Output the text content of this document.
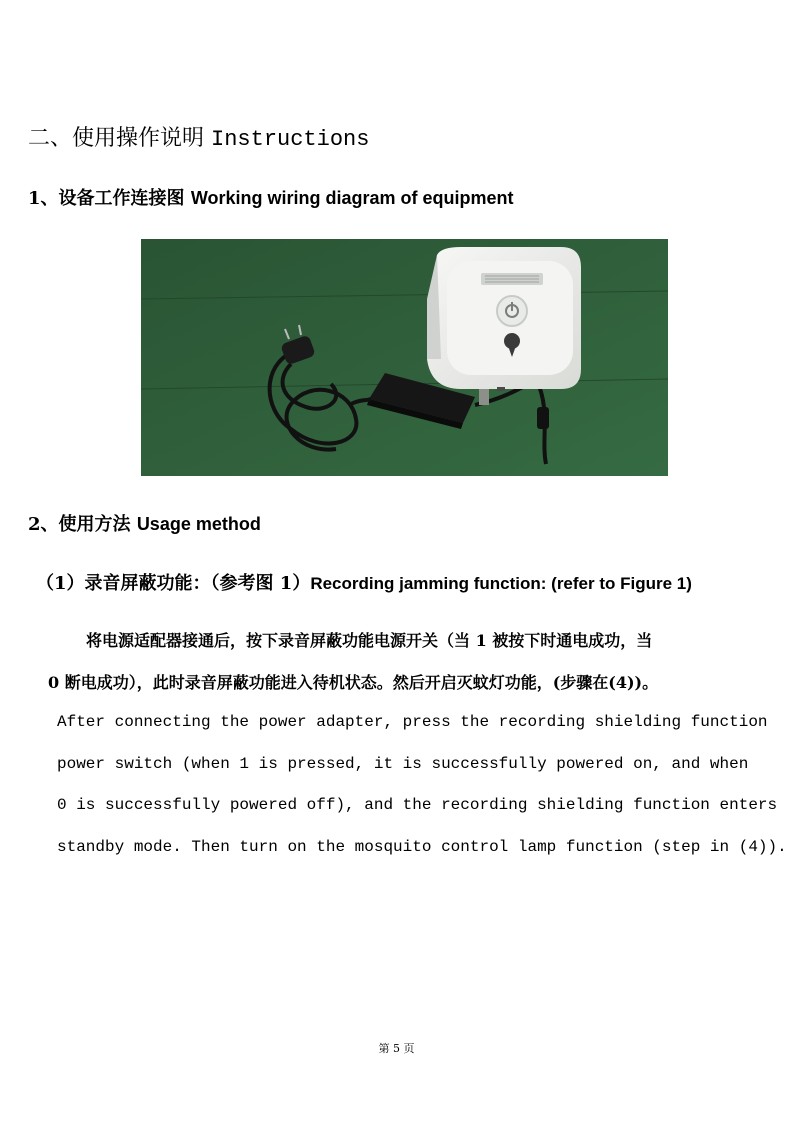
二、使用操作说明 Instructions
1、设备工作连接图 Working wiring diagram of equipment
2、使用方法 Usage method
（1）录音屏蔽功能：（参考图 1）Recording jamming function: (refer to Figure 1)
将电源适配器接通后，按下录音屏蔽功能电源开关（当 1 被按下时通电成功，当
0 断电成功），此时录音屏蔽功能进入待机状态。然后开启灭蚊灯功能，(步骤在(4))。
After connecting the power adapter, press the recording shielding function
power switch (when 1 is pressed, it is successfully powered on, and when
0 is successfully powered off), and the recording shielding function enters
standby mode. Then turn on the mosquito control lamp function (step in (4)).
第 5 页
